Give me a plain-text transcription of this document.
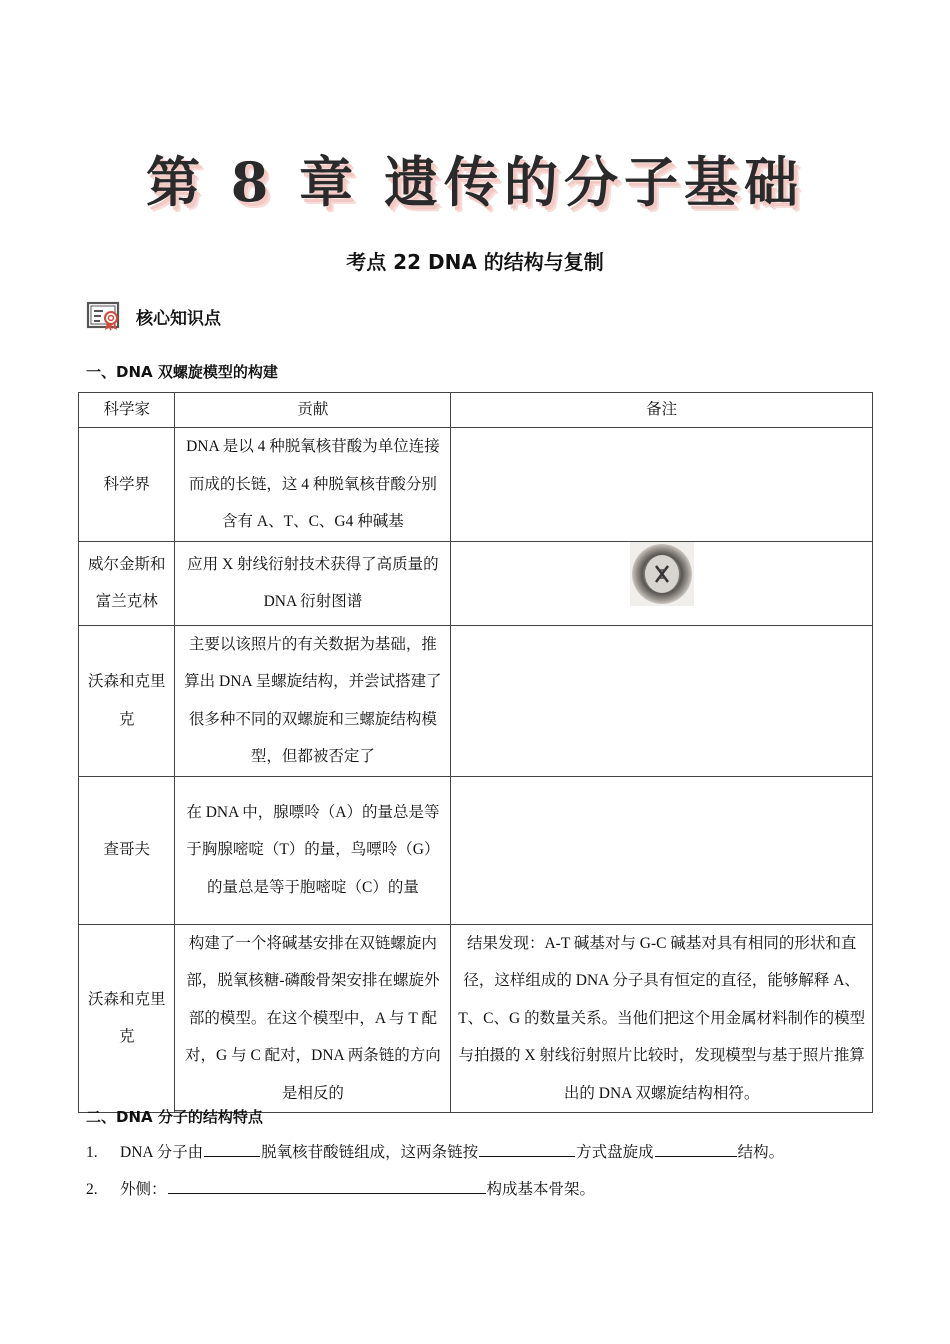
第 8 章 遗传的分子基础
考点 22 DNA 的结构与复制
核心知识点
一、DNA 双螺旋模型的构建
科学家	贡献	备注
科学界	DNA 是以 4 种脱氧核苷酸为单位连接而成的长链，这 4 种脱氧核苷酸分别含有 A、T、C、G4 种碱基	
威尔金斯和富兰克林	应用 X 射线衍射技术获得了高质量的 DNA 衍射图谱	

沃森和克里克	主要以该照片的有关数据为基础，推算出 DNA 呈螺旋结构，并尝试搭建了很多种不同的双螺旋和三螺旋结构模型，但都被否定了	
查哥夫	在 DNA 中，腺嘌呤（A）的量总是等于胸腺嘧啶（T）的量，鸟嘌呤（G）的量总是等于胞嘧啶（C）的量	
沃森和克里克	构建了一个将碱基安排在双链螺旋内部，脱氧核糖-磷酸骨架安排在螺旋外部的模型。在这个模型中，A 与 T 配对，G 与 C 配对，DNA 两条链的方向是相反的	结果发现：A-T 碱基对与 G-C 碱基对具有相同的形状和直径，这样组成的 DNA 分子具有恒定的直径，能够解释 A、T、C、G 的数量关系。当他们把这个用金属材料制作的模型与拍摄的 X 射线衍射照片比较时，发现模型与基于照片推算出的 DNA 双螺旋结构相符。
二、DNA 分子的结构特点
1.	DNA 分子由	脱氧核苷酸链组成，这两条链按	方式盘旋成	结构。
2.	外侧：	构成基本骨架。
